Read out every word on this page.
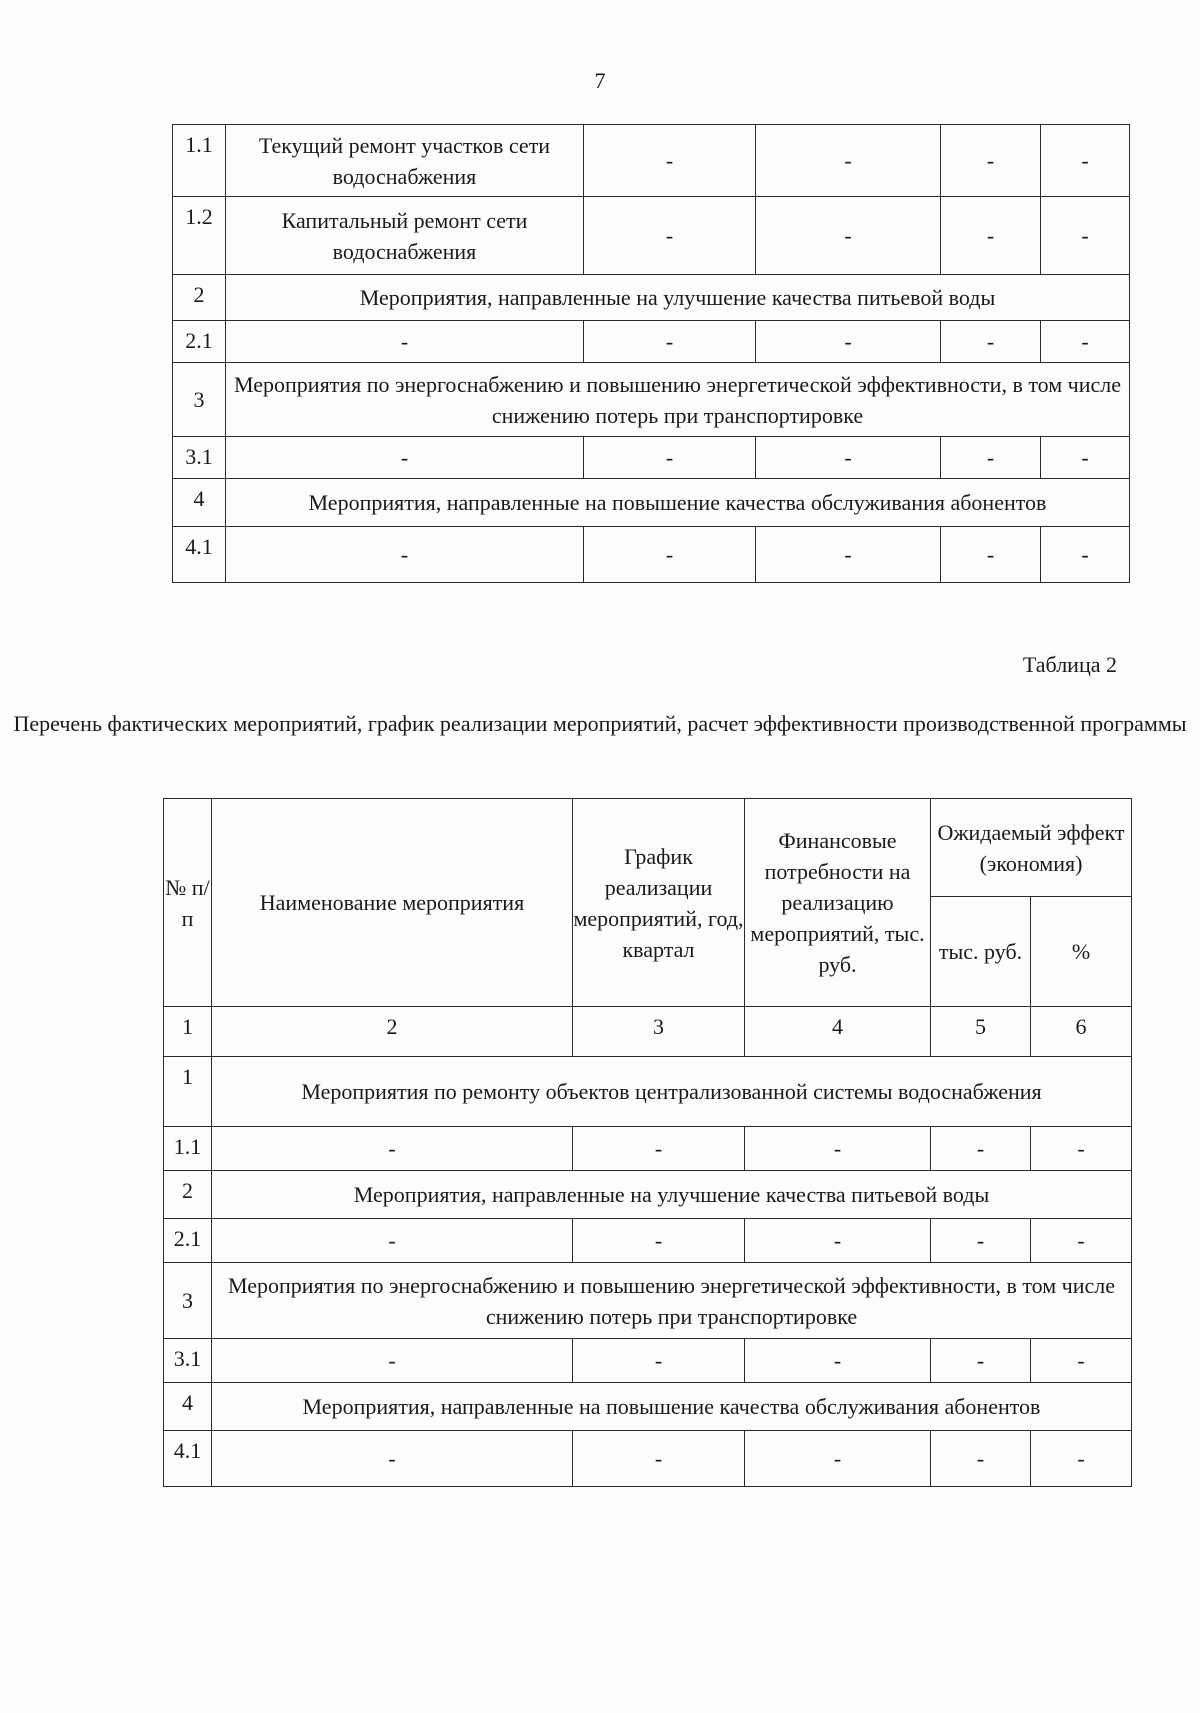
7
1.1	Текущий ремонт участков сети водоснабжения	-	-	-	-
1.2	Капитальный ремонт сети водоснабжения	-	-	-	-
2	Мероприятия, направленные на улучшение качества питьевой воды				
2.1	-	-	-	-	-
3	Мероприятия по энергоснабжению и повышению энергетической эффективности, в том числе снижению потерь при транспортировке				
3.1	-	-	-	-	-
4	Мероприятия, направленные на повышение качества обслуживания абонентов				
4.1	-	-	-	-	-
Таблица 2
Перечень фактических мероприятий, график реализации мероприятий, расчет эффективности производственной программы
№ п/ п	Наименование мероприятия	График реализации мероприятий, год, квартал	Финансовые потребности на реализацию мероприятий, тыс. руб.	Ожидаемый эффект (экономия)	
				тыс. руб.	%
1	2	3	4	5	6
1	Мероприятия по ремонту объектов централизованной системы водоснабжения				
1.1	-	-	-	-	-
2	Мероприятия, направленные на улучшение качества питьевой воды				
2.1	-	-	-	-	-
3	Мероприятия по энергоснабжению и повышению энергетической эффективности, в том числе снижению потерь при транспортировке				
3.1	-	-	-	-	-
4	Мероприятия, направленные на повышение качества обслуживания абонентов				
4.1	-	-	-	-	-
